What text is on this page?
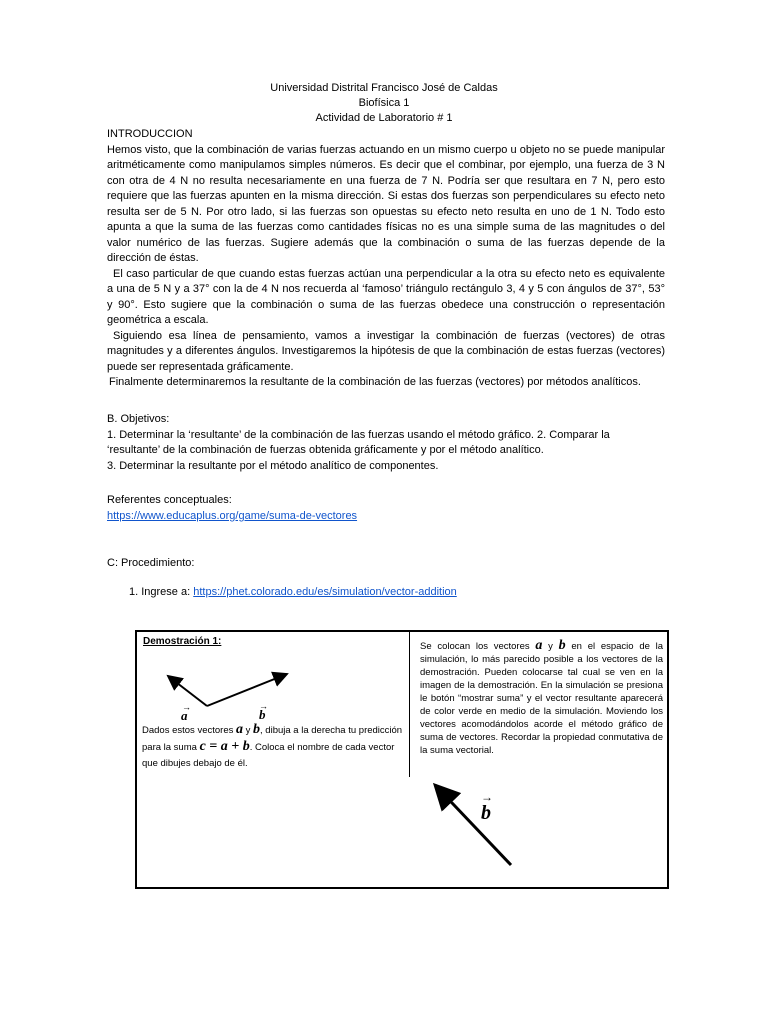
Universidad Distrital Francisco José de Caldas
Biofísica 1
Actividad de Laboratorio # 1

INTRODUCCION

Hemos visto, que la combinación de varias fuerzas actuando en un mismo cuerpo u objeto no se puede manipular aritméticamente como manipulamos simples números. Es decir que el combinar, por ejemplo, una fuerza de 3 N con otra de 4 N no resulta necesariamente en una fuerza de 7 N. Podría ser que resultara en 7 N, pero esto requiere que las fuerzas apunten en la misma dirección. Si estas dos fuerzas son perpendiculares su efecto neto resulta ser de 5 N. Por otro lado, si las fuerzas son opuestas su efecto neto resulta en uno de 1 N. Todo esto apunta a que la suma de las fuerzas como cantidades físicas no es una simple suma de las magnitudes o del valor numérico de las fuerzas. Sugiere además que la combinación o suma de las fuerzas depende de la dirección de éstas.

El caso particular de que cuando estas fuerzas actúan una perpendicular a la otra su efecto neto es equivalente a una de 5 N y a 37° con la de 4 N nos recuerda al ‘famoso’ triángulo rectángulo 3, 4 y 5 con ángulos de 37°, 53° y 90°. Esto sugiere que la combinación o suma de las fuerzas obedece una construcción o representación geométrica a escala.

Siguiendo esa línea de pensamiento, vamos a investigar la combinación de fuerzas (vectores) de otras magnitudes y a diferentes ángulos. Investigaremos la hipótesis de que la combinación de estas fuerzas (vectores) puede ser representada gráficamente.

Finalmente determinaremos la resultante de la combinación de las fuerzas (vectores) por métodos analíticos.

B. Objetivos:

1. Determinar la ‘resultante’ de la combinación de las fuerzas usando el método gráfico. 2. Comparar la ‘resultante’ de la combinación de fuerzas obtenida gráficamente y por el método analítico.

3. Determinar la resultante por el método analítico de componentes.

Referentes conceptuales:

https://www.educaplus.org/game/suma-de-vectores

C: Procedimiento:

1. Ingrese a: https://phet.colorado.edu/es/simulation/vector-addition
Demostración 1:
a
→	b
→
Dados estos vectores a y b, dibuja a la derecha tu predicción
para la suma c = a + b. Coloca el nombre de cada vector que dibujes debajo de él.
Se colocan los vectores a y b en el espacio de la simulación, lo más parecido posible a los vectores de la demostración. Pueden colocarse tal cual se ven en la imagen de la demostración. En la simulación se presiona le botón “mostrar suma” y el vector resultante aparecerá de color verde en medio de la simulación. Moviendo los vectores acomodándolos acorde el método gráfico de suma de vectores. Recordar la propiedad conmutativa de la suma vectorial.
b
→
